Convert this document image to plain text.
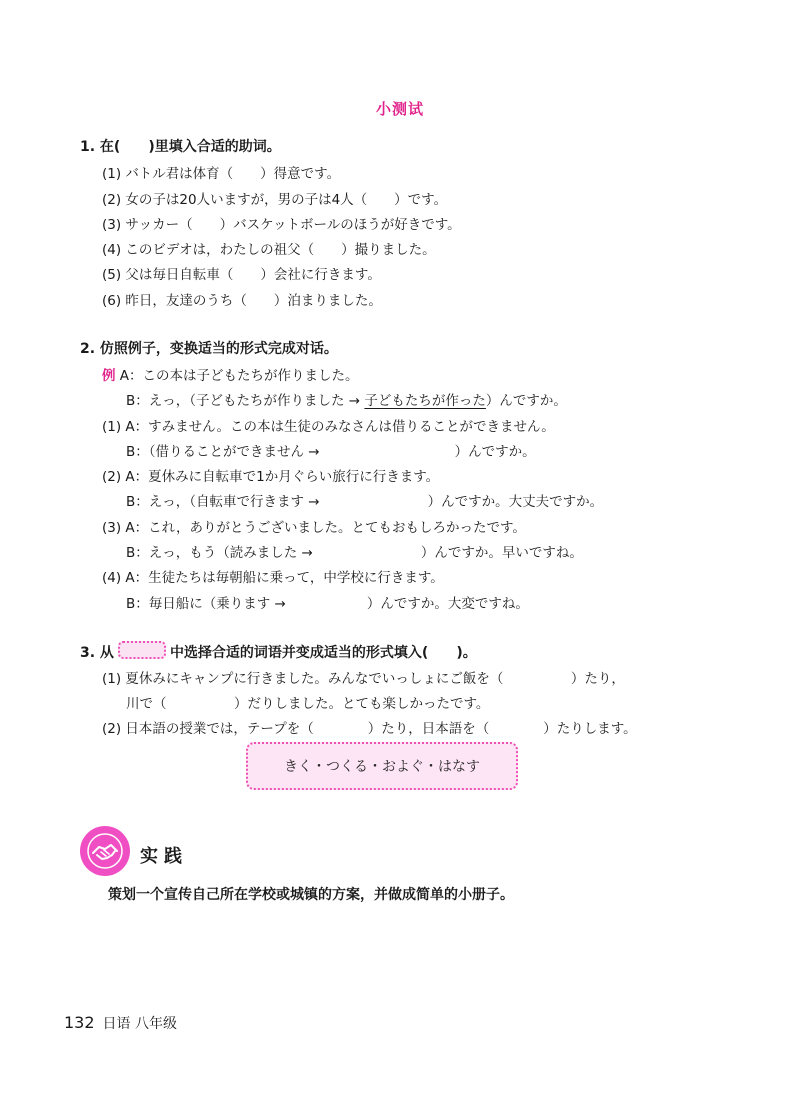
小测试
1. 在(　　)里填入合适的助词。
(1) バトル君は体育（　　）得意です。
(2) 女の子は20人いますが，男の子は4人（　　）です。
(3) サッカー（　　）バスケットボールのほうが好きです。
(4) このビデオは，わたしの祖父（　　）撮りました。
(5) 父は毎日自転車（　　）会社に行きます。
(6) 昨日，友達のうち（　　）泊まりました。
2. 仿照例子，变换适当的形式完成对话。
例 A：この本は子どもたちが作りました。
B：えっ，（子どもたちが作りました → 子どもたちが作った）んですか。
(1) A：すみません。この本は生徒のみなさんは借りることができません。
B：（借りることができません →　　　　　　　　　　）んですか。
(2) A：夏休みに自転車で1か月ぐらい旅行に行きます。
B：えっ，（自転車で行きます →　　　　　　　　）んですか。大丈夫ですか。
(3) A：これ，ありがとうございました。とてもおもしろかったです。
B：えっ，もう（読みました →　　　　　　　　）んですか。早いですね。
(4) A：生徒たちは毎朝船に乗って，中学校に行きます。
B：毎日船に（乗ります →　　　　　　）んですか。大変ですね。
3. 从	中选择合适的词语并变成适当的形式填入(　　)。
(1) 夏休みにキャンプに行きました。みんなでいっしょにご飯を（　　　　　）たり，
川で（　　　　　）だりしました。とても楽しかったです。
(2) 日本語の授業では，テープを（　　　　）たり，日本語を（　　　　）たりします。
きく・つくる・およぐ・はなす
实践
策划一个宣传自己所在学校或城镇的方案，并做成简单的小册子。
132 日语 八年级
